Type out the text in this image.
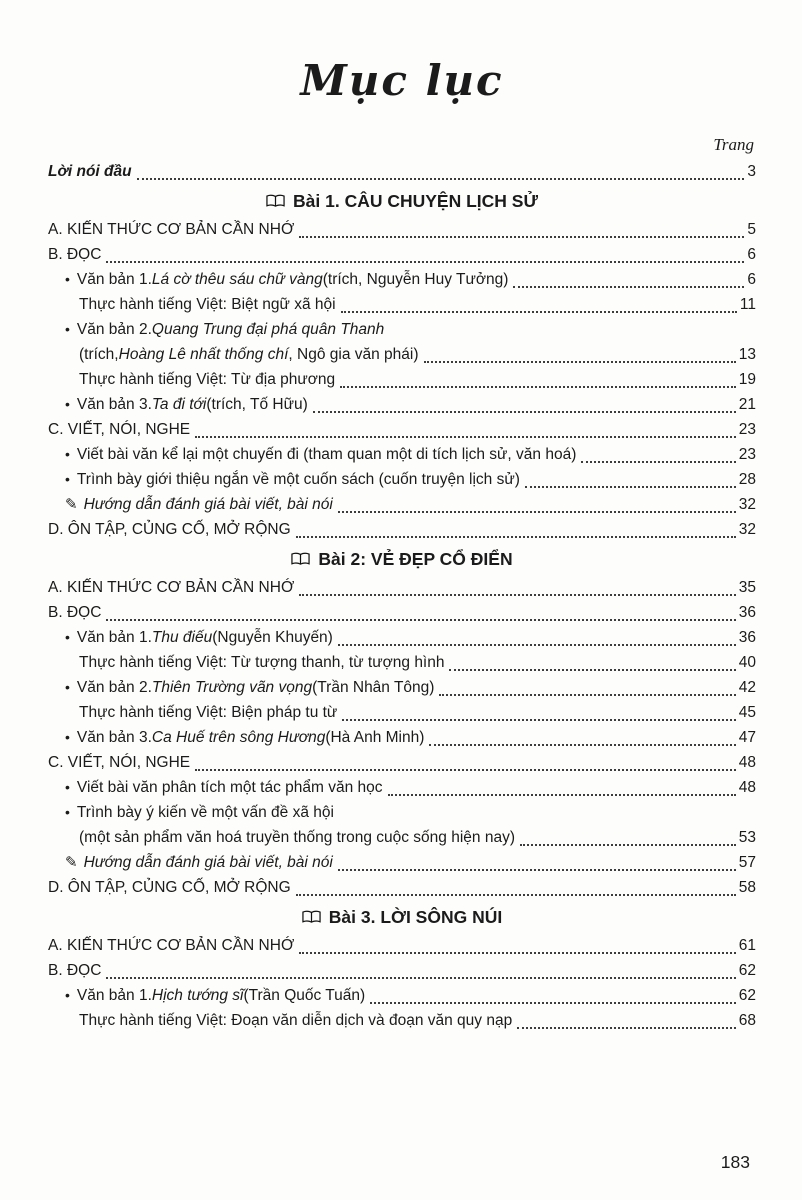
Mục lục
Trang
Lời nói đầu	3
Bài 1. CÂU CHUYỆN LỊCH SỬ
A. KIẾN THỨC CƠ BẢN CẦN NHỚ	5
B. ĐỌC	6
• Văn bản 1. Lá cờ thêu sáu chữ vàng (trích, Nguyễn Huy Tưởng)	6
Thực hành tiếng Việt: Biệt ngữ xã hội	11
• Văn bản 2. Quang Trung đại phá quân Thanh
(trích, Hoàng Lê nhất thống chí , Ngô gia văn phái)	13
Thực hành tiếng Việt: Từ địa phương	19
• Văn bản 3. Ta đi tới (trích, Tố Hữu)	21
C. VIẾT, NÓI, NGHE	23
• Viết bài văn kể lại một chuyến đi (tham quan một di tích lịch sử, văn hoá)	23
• Trình bày giới thiệu ngắn về một cuốn sách (cuốn truyện lịch sử)	28
✎ Hướng dẫn đánh giá bài viết, bài nói	32
D. ÔN TẬP, CỦNG CỐ, MỞ RỘNG	32
Bài 2: VẺ ĐẸP CỔ ĐIỂN
A. KIẾN THỨC CƠ BẢN CẦN NHỚ	35
B. ĐỌC	36
• Văn bản 1. Thu điếu (Nguyễn Khuyến)	36
Thực hành tiếng Việt: Từ tượng thanh, từ tượng hình	40
• Văn bản 2. Thiên Trường vãn vọng (Trần Nhân Tông)	42
Thực hành tiếng Việt: Biện pháp tu từ	45
• Văn bản 3. Ca Huế trên sông Hương (Hà Anh Minh)	47
C. VIẾT, NÓI, NGHE	48
• Viết bài văn phân tích một tác phẩm văn học	48
• Trình bày ý kiến về một vấn đề xã hội
(một sản phẩm văn hoá truyền thống trong cuộc sống hiện nay)	53
✎ Hướng dẫn đánh giá bài viết, bài nói	57
D. ÔN TẬP, CỦNG CỐ, MỞ RỘNG	58
Bài 3. LỜI SÔNG NÚI
A. KIẾN THỨC CƠ BẢN CẦN NHỚ	61
B. ĐỌC	62
• Văn bản 1. Hịch tướng sĩ (Trần Quốc Tuấn)	62
Thực hành tiếng Việt: Đoạn văn diễn dịch và đoạn văn quy nạp	68
183
